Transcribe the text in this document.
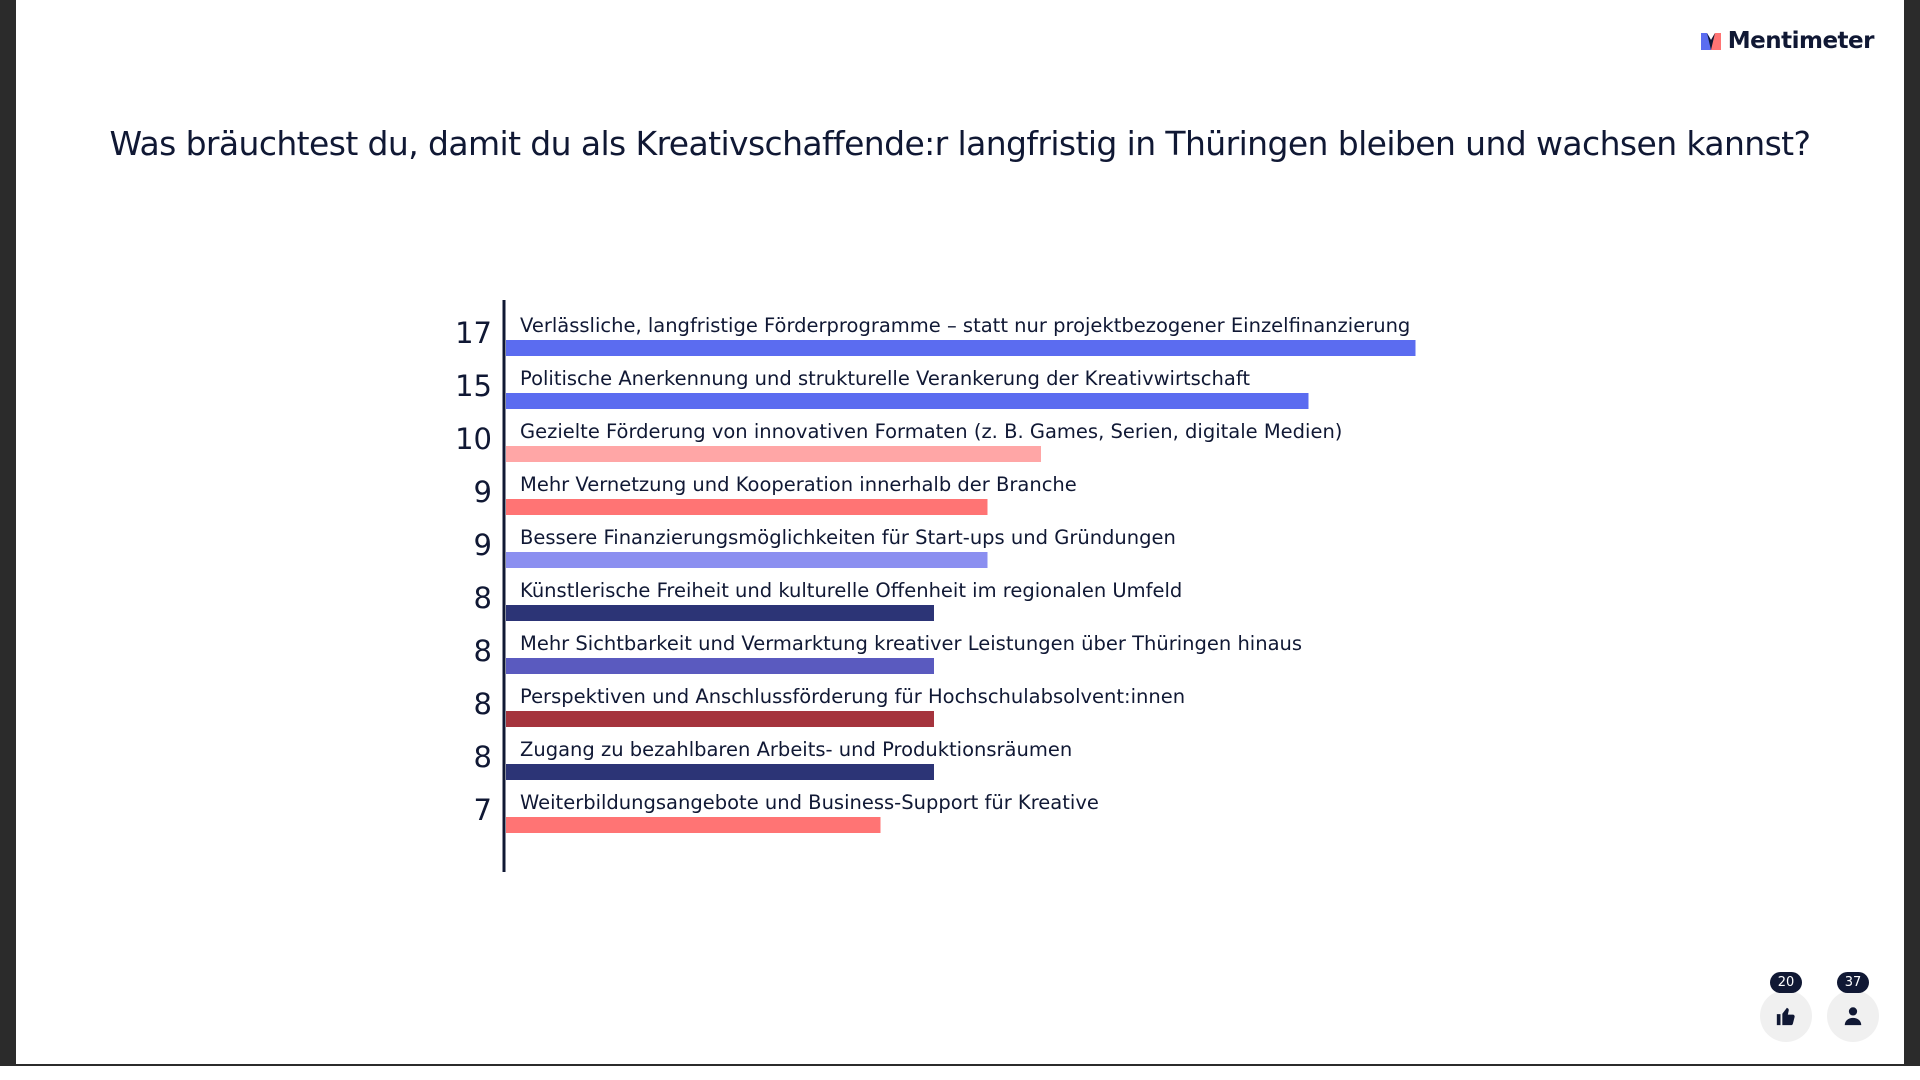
Mentimeter
Was bräuchtest du, damit du als Kreativschaffende:r langfristig in Thüringen bleiben und wachsen kannst?
Verlässliche, langfristige Förderprogramme – statt nur projektbezogener Einzelfinanzierung
17
Politische Anerkennung und strukturelle Verankerung der Kreativwirtschaft
15
Gezielte Förderung von innovativen Formaten (z. B. Games, Serien, digitale Medien)
10
Mehr Vernetzung und Kooperation innerhalb der Branche
9
Bessere Finanzierungsmöglichkeiten für Start-ups und Gründungen
9
Künstlerische Freiheit und kulturelle Offenheit im regionalen Umfeld
8
Mehr Sichtbarkeit und Vermarktung kreativer Leistungen über Thüringen hinaus
8
Perspektiven und Anschlussförderung für Hochschulabsolvent:innen
8
Zugang zu bezahlbaren Arbeits- und Produktionsräumen
8
Weiterbildungsangebote und Business-Support für Kreative
7
20	37
